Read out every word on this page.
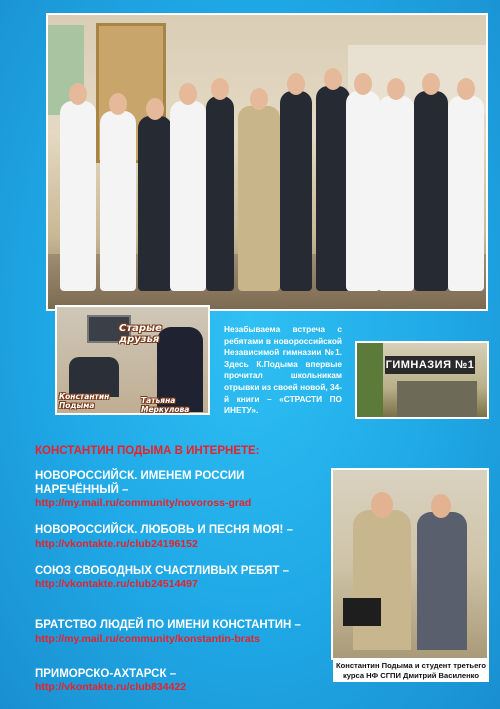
Старые друзья
Константин Подыма	Татьяна Меркулова
Незабываема встреча с ребятами в новороссийской Независимой гимназии №1. Здесь К.Подыма впервые прочитал школьникам отрывки из своей новой, 34-й книги – «СТРАСТИ ПО ИНЕТУ».
ГИМНАЗИЯ №1
КОНСТАНТИН ПОДЫМА В ИНТЕРНЕТЕ:
НОВОРОССИЙСК. ИМЕНЕМ РОССИИ НАРЕЧЁННЫЙ –
http://my.mail.ru/community/novoross-grad
НОВОРОССИЙСК. ЛЮБОВЬ И ПЕСНЯ МОЯ! –
http://vkontakte.ru/club24196152
СОЮЗ СВОБОДНЫХ СЧАСТЛИВЫХ РЕБЯТ –
http://vkontakte.ru/club24514497
БРАТСТВО ЛЮДЕЙ ПО ИМЕНИ КОНСТАНТИН –
http://my.mail.ru/community/konstantin-brats
ПРИМОРСКО-АХТАРСК –
http://vkontakte.ru/club834422
Константин Подыма и студент третьего курса НФ СГПИ Дмитрий Василенко
